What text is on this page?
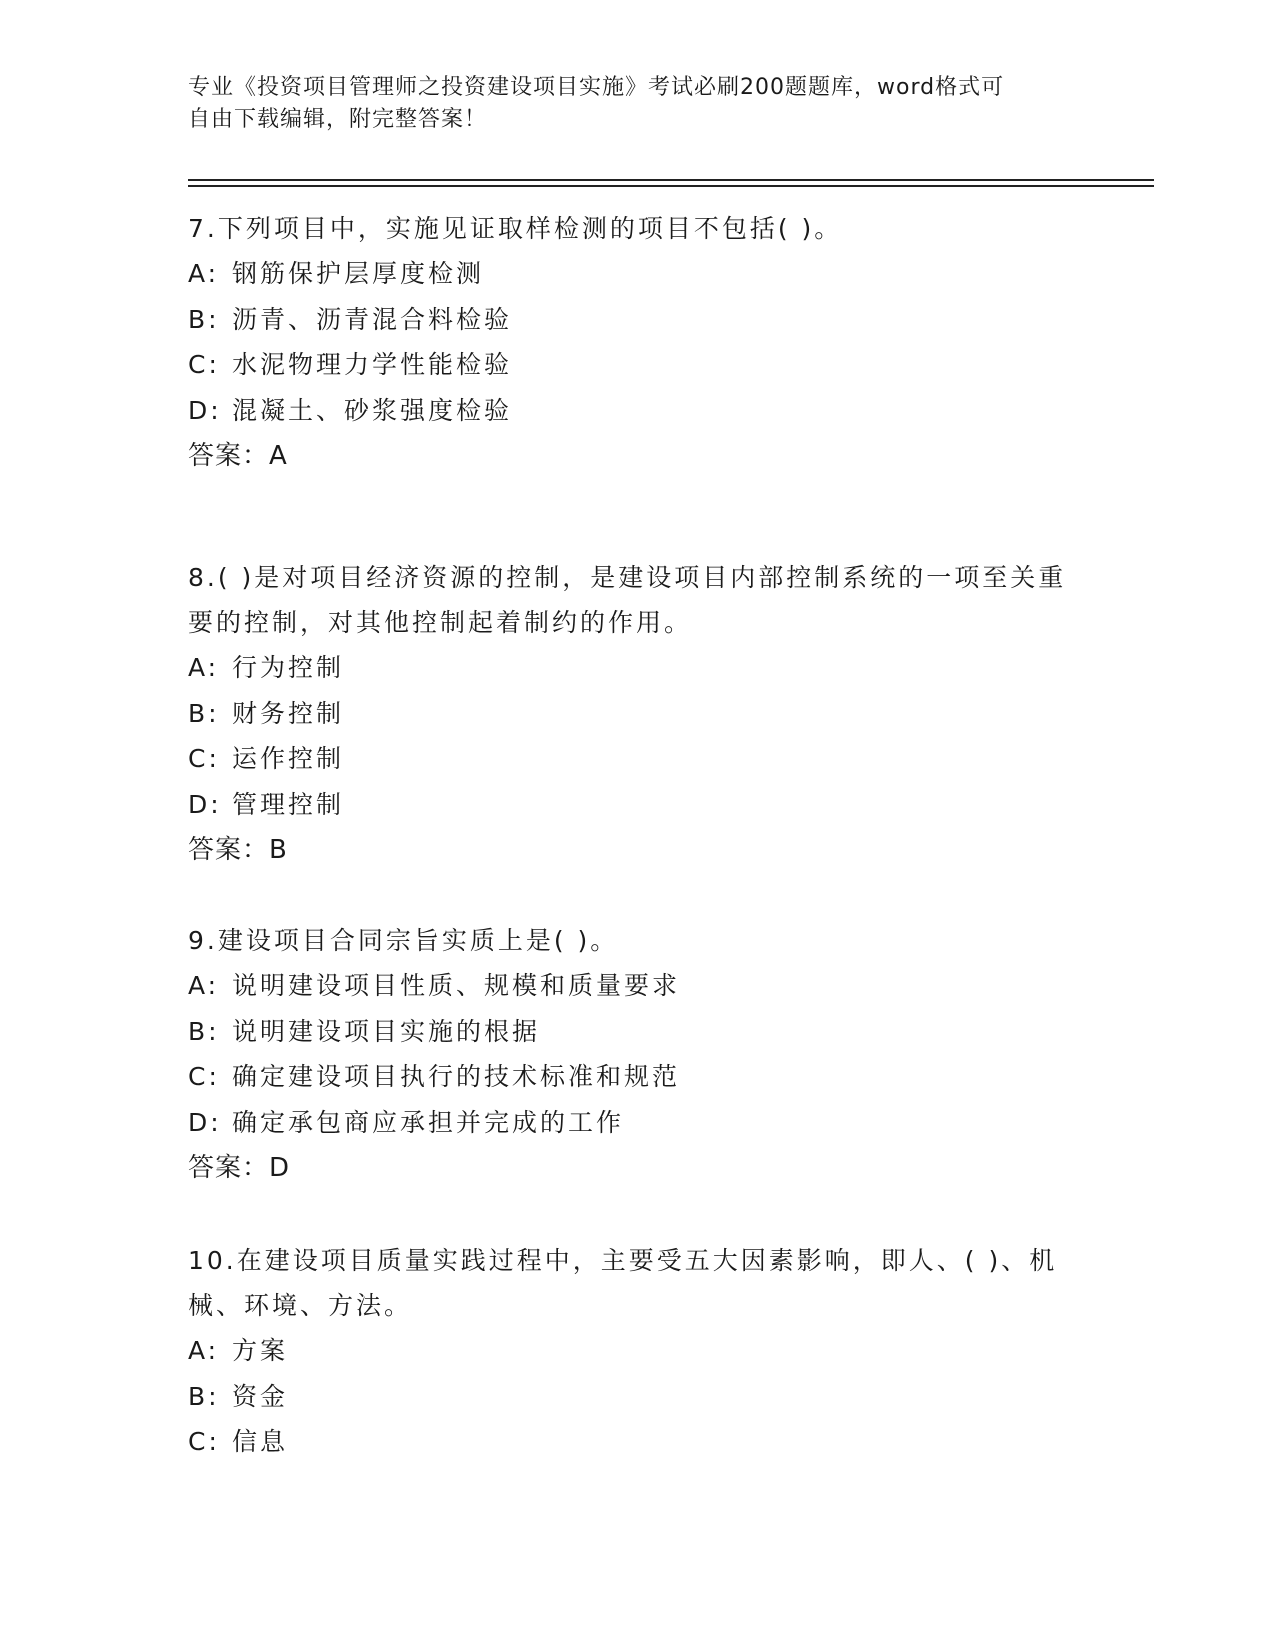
专业《投资项目管理师之投资建设项目实施》考试必刷200题题库，word格式可
自由下载编辑，附完整答案！

7.下列项目中，实施见证取样检测的项目不包括( )。

A: 钢筋保护层厚度检测

B: 沥青、沥青混合料检验

C: 水泥物理力学性能检验

D: 混凝土、砂浆强度检验

答案：A

8.( )是对项目经济资源的控制，是建设项目内部控制系统的一项至关重要的控制，对其他控制起着制约的作用。

A: 行为控制

B: 财务控制

C: 运作控制

D: 管理控制

答案：B

9.建设项目合同宗旨实质上是( )。

A: 说明建设项目性质、规模和质量要求

B: 说明建设项目实施的根据

C: 确定建设项目执行的技术标准和规范

D: 确定承包商应承担并完成的工作

答案：D

10.在建设项目质量实践过程中，主要受五大因素影响，即人、( )、机械、环境、方法。

A: 方案

B: 资金

C: 信息
